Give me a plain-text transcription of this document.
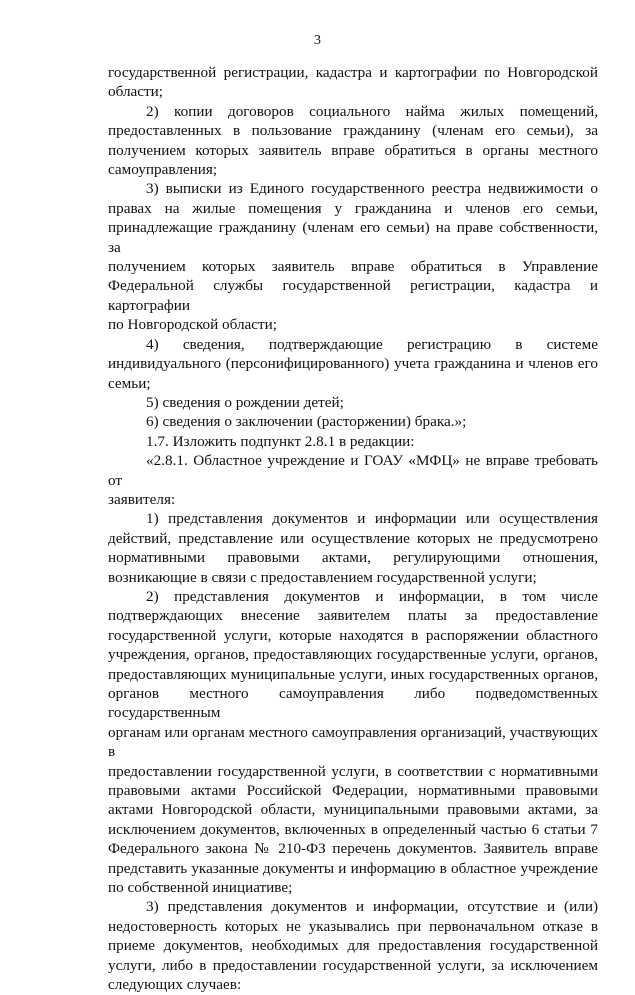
3

государственной регистрации, кадастра и картографии по Новгородской
области;

2) копии договоров социального найма жилых помещений,
предоставленных в пользование гражданину (членам его семьи), за
получением которых заявитель вправе обратиться в органы местного
самоуправления;

3) выписки из Единого государственного реестра недвижимости о
правах на жилые помещения у гражданина и членов его семьи,
принадлежащие гражданину (членам его семьи) на праве собственности, за
получением которых заявитель вправе обратиться в Управление
Федеральной службы государственной регистрации, кадастра и картографии
по Новгородской области;

4) сведения, подтверждающие регистрацию в системе
индивидуального (персонифицированного) учета гражданина и членов его
семьи;

5) сведения о рождении детей;

6) сведения о заключении (расторжении) брака.»;

1.7. Изложить подпункт 2.8.1 в редакции:

«2.8.1. Областное учреждение и ГОАУ «МФЦ» не вправе требовать от
заявителя:

1) представления документов и информации или осуществления
действий, представление или осуществление которых не предусмотрено
нормативными правовыми актами, регулирующими отношения,
возникающие в связи с предоставлением государственной услуги;

2) представления документов и информации, в том числе
подтверждающих внесение заявителем платы за предоставление
государственной услуги, которые находятся в распоряжении областного
учреждения, органов, предоставляющих государственные услуги, органов,
предоставляющих муниципальные услуги, иных государственных органов,
органов местного самоуправления либо подведомственных государственным
органам или органам местного самоуправления организаций, участвующих в
предоставлении государственной услуги, в соответствии с нормативными
правовыми актами Российской Федерации, нормативными правовыми
актами Новгородской области, муниципальными правовыми актами, за
исключением документов, включенных в определенный частью 6 статьи 7
Федерального закона № 210-ФЗ перечень документов. Заявитель вправе
представить указанные документы и информацию в областное учреждение
по собственной инициативе;

3) представления документов и информации, отсутствие и (или)
недостоверность которых не указывались при первоначальном отказе в
приеме документов, необходимых для предоставления государственной
услуги, либо в предоставлении государственной услуги, за исключением
следующих случаев:
